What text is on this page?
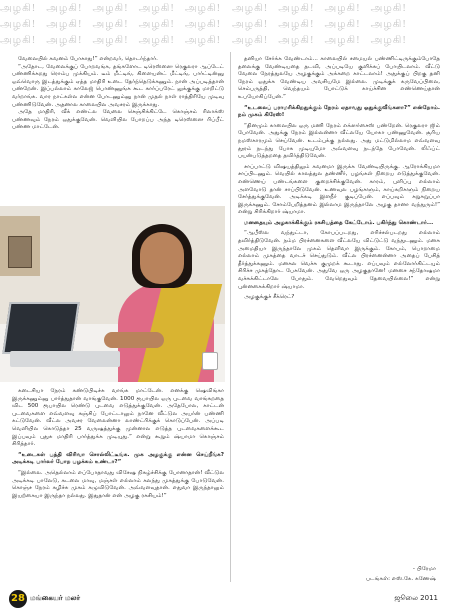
அழகி! அழகி! அழகி! அழகி! அழகி!
அழகி! அழகி! அழகி! அழகி! அழகி!
அழகி! அழகி! அழகி! அழகி! அழகி!
அழகி! அழகி! அழகி! அழகி!
அழகி! அழகி! அழகி! அழகி!
அழகி! அழகி! அழகி! அழகி!

வேலையில் கவனம் போகாது!” என்றவர், தொடர்ந்தார்.

“அதோட, வேலைக்குப் போறவங்க, தங்களோட டிரெஸ்ஸை ரெகுலரா ஆப்டேட் பண்ணிக்கறது ரொம்ப முக்கியம். டீம் மீட்டிங், கிளையன்ட் மீட்டிங், பார்ட்டின்னு ஒவ்வொரு இடத்துக்கும் ஏத்த மாதிரி உடை தேர்ந்தெடுக்கணும். நான் அப்படித்தான் பண்றேன். இப்பல்லாம் காலேஜ் பொண்ணுங்க கூட கார்ப்பரேட் லுக்குக்கு மாறிட்டு வர்றாங்க. வார நாட்கள்ல என்ன போடணும்னு நான் முதல் நாள் ராத்திரியே முடிவு பண்ணிடுவேன். அதனால காலையில அவசரம் இருக்காது.

அதே மாதிரி, வீக் எண்ட்ல வேலை செஞ்சிக்கிட்டே கொஞ்சம் ரிலாக்ஸ் பண்ணவும் நேரம் ஒதுக்குவேன். வெளியில போறப்ப அந்த டிரெஸ்ஸை ரிப்பீட் பண்ண மாட்டேன்.

கடைசியா நேரம் கண்டுபிடிச்சு வாங்க மாட்டேன். எனக்கு ஷெவிங்கா இருக்கணும்னு பார்த்துதான் வாங்குவேன். 1000 ரூபாயில ஒரு புடவை வாங்கறதை விட 500 ரூபாயில ரெண்டு புடவை எடுத்துக்குவேன். அதேபோல, காட்டன் புடவைகளை எவ்வளவு கஞ்சிப் போட்டாலும் நானே வீட்டுல அயர்ன் பண்ணி கட்டுவேன். வீட்ல அவசர வேலைன்னா லாண்ட்ரிக்குக் கொடுப்பேன். அப்படி வெளியில கொடுத்தா 25 வருஷத்துக்கு முன்னால எடுத்த புடவைகளைக்கூட இப்பவும் புதுசு மாதிரி பார்த்துக்க முடியுது.” என்று கூறும் ஷ்யாமா கொஞ்சம் சிரித்தார்.

“உடைகள் பத்தி விரிவா சொல்லிட்டீங்க. முக அழகுக்கு என்ன செய்றீங்க? அடிக்கடி பார்லர் போற பழக்கம் உண்டா?”

“இல்லை. அதெல்லாம் எப்போதாவது விசேஷ நிகழ்ச்சிக்கு போனாதான்! வீட்டுல அடிக்கடி பாலேடு, கடலை மாவு, மஞ்சள் எல்லாம் கலந்து முகத்துக்கு போடுவேன். கொஞ்ச நேரம் கழிச்சு முகம் கழுவிடுவேன். அவ்வளவுதான். எதுவா இருந்தாலும் இயற்கையா இருந்தா நல்லது. இதுதான் என் அழகு ரகசியம்!”

தனியா சேர்க்க வேண்டாம்... காலையில் சமையல் பண்ணிட்டிருக்கும்போதே தலைக்கு வேண்டியதை தடவி, அப்படியே குளிக்கப் போயிடலாம். வீட்டு வேலை நேரத்துலயே அழகுக்கும் அக்கறை காட்டலாம்! அதுக்குப் பிறகு தனி நேரம் ஒதுக்க வேண்டிய அவசியமே இல்லை. முடிக்குக் கருவேப்பிலை, செம்பருத்தி, வெந்தயம் போட்டுக் காய்ச்சின எண்ணெய்தான் உபயோகிப்பேன்.”

“உடலைப் பராமரிக்கிறதுக்கும் நேரம் ஏதாவது ஒதுக்குவீங்களா?” என்றோம். நம் முகம் கிரேஸ்!

“தினமும் காலையில ஒரு மணி நேரம் எக்ஸர்சைஸ் பண்றேன். ரெகுலரா ஜிம் போவேன். அதுக்கு நேரம் இல்லன்னா வீட்லயே யோகா பண்ணுவேன். சூரிய நமஸ்காரமும் செய்வேன். உடம்புக்கு நல்லது. அது மட்டுமில்லாம எவ்வளவு தூரம் நடந்து போக முடியுமோ அவ்வளவு நடந்தே போவேன். லிஃப்ட் பயன்படுத்தறதை தவிர்த்திடுவேன்.

சாப்பாட்டு விஷயத்திலும் கவனமா இருக்க வேண்டியிருக்கு. ஆரோக்கியமா சாப்பிடணும். வெயில் காலத்துல தண்ணீர், பழங்கள் நிறைய எடுத்துக்குவேன். எண்ணெய் பண்டங்களை குறைச்சிக்குவேன். காரம், புளிப்பு எல்லாம் அளவோடு தான் சாப்பிடுவேன். உணவுல பழங்களும், காய்கறிகளும் நிறைய சேர்த்துக்குவேன். அடிக்கடி இளநீர் குடிப்பேன். எப்பவும் சுறுசுறுப்பா இருக்கணும். சோம்பேறித்தனம் இல்லாம இருந்தாலே அழகு தானா வந்துரும்!” என்று சிரிக்கிறார் ஷ்யாமா.

மனதையும் அழகாக்கிக்கும் ரகசியத்தை கேட்டோம். பகிர்ந்து கொண்டார்...

“ஆபீஸ்ல வந்துட்டா, கோபப்படறது, எரிச்சல்படறது எல்லாம் தவிர்த்திடுவேன். நம்ம பிரச்னைகளை வீட்லயே விட்டுட்டு வந்துடணும். மனசு அமைதியா இருந்தாலே முகம் தெளிவா இருக்கும். கோபம், பொறாமை எல்லாம் முகத்தை வாடச் செய்துடும். வீட்ல பிரச்னைன்னா அதைப் பேசித் தீர்த்துக்கணும். மனசுல வெச்சு குமுறக் கூடாது. எப்பவும் எல்லோர்கிட்டயும் சிரிச்ச முகத்தோட பேசுவேன். அதுவே ஒரு அழகுதானே! மனசை சந்தோஷமா வச்சுக்கிட்டாலே போதும். வேறெதுவும் தேவையில்லை!” என்று புன்னகைக்கிறார் ஷ்யாமா.

அழகுக்குச் சீக்ரெட்?

- பிரேமா
படங்கள்: எஸ்.கே. கணேஷ்
28 மங்கையர் மலர்	ஜூலை 2011
